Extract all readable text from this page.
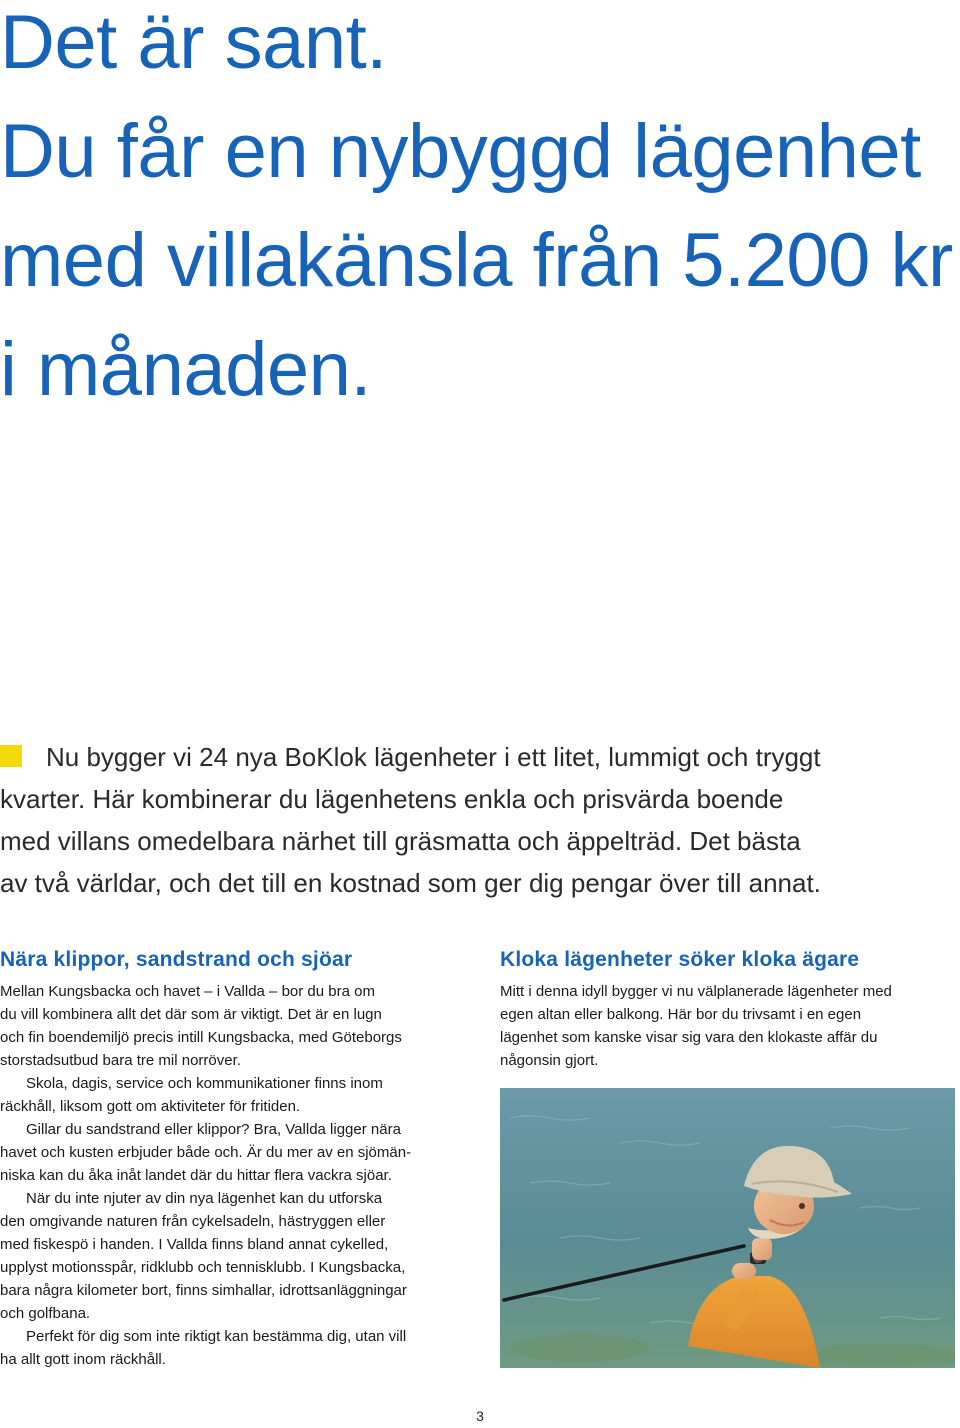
Det är sant.
Du får en nybyggd lägenhet
med villakänsla från 5.200 kr
i månaden.
Nu bygger vi 24 nya BoKlok lägenheter i ett litet, lummigt och tryggt
kvarter. Här kombinerar du lägenhetens enkla och prisvärda boende
med villans omedelbara närhet till gräsmatta och äppelträd. Det bästa
av två världar, och det till en kostnad som ger dig pengar över till annat.
Nära klippor, sandstrand och sjöar
Mellan Kungsbacka och havet – i Vallda – bor du bra om
du vill kombinera allt det där som är viktigt. Det är en lugn
och fin boendemiljö precis intill Kungsbacka, med Göteborgs
storstadsutbud bara tre mil norröver.
Skola, dagis, service och kommunikationer finns inom
räckhåll, liksom gott om aktiviteter för fritiden.
Gillar du sandstrand eller klippor? Bra, Vallda ligger nära
havet och kusten erbjuder både och. Är du mer av en sjömän-
niska kan du åka inåt landet där du hittar flera vackra sjöar.
När du inte njuter av din nya lägenhet kan du utforska
den omgivande naturen från cykelsadeln, hästryggen eller
med fiskespö i handen. I Vallda finns bland annat cykelled,
upplyst motionsspår, ridklubb och tennisklubb. I Kungsbacka,
bara några kilometer bort, finns simhallar, idrottsanläggningar
och golfbana.
Perfekt för dig som inte riktigt kan bestämma dig, utan vill
ha allt gott inom räckhåll.
Kloka lägenheter söker kloka ägare
Mitt i denna idyll bygger vi nu välplanerade lägenheter med
egen altan eller balkong. Här bor du trivsamt i en egen
lägenhet som kanske visar sig vara den klokaste affär du
någonsin gjort.
3
